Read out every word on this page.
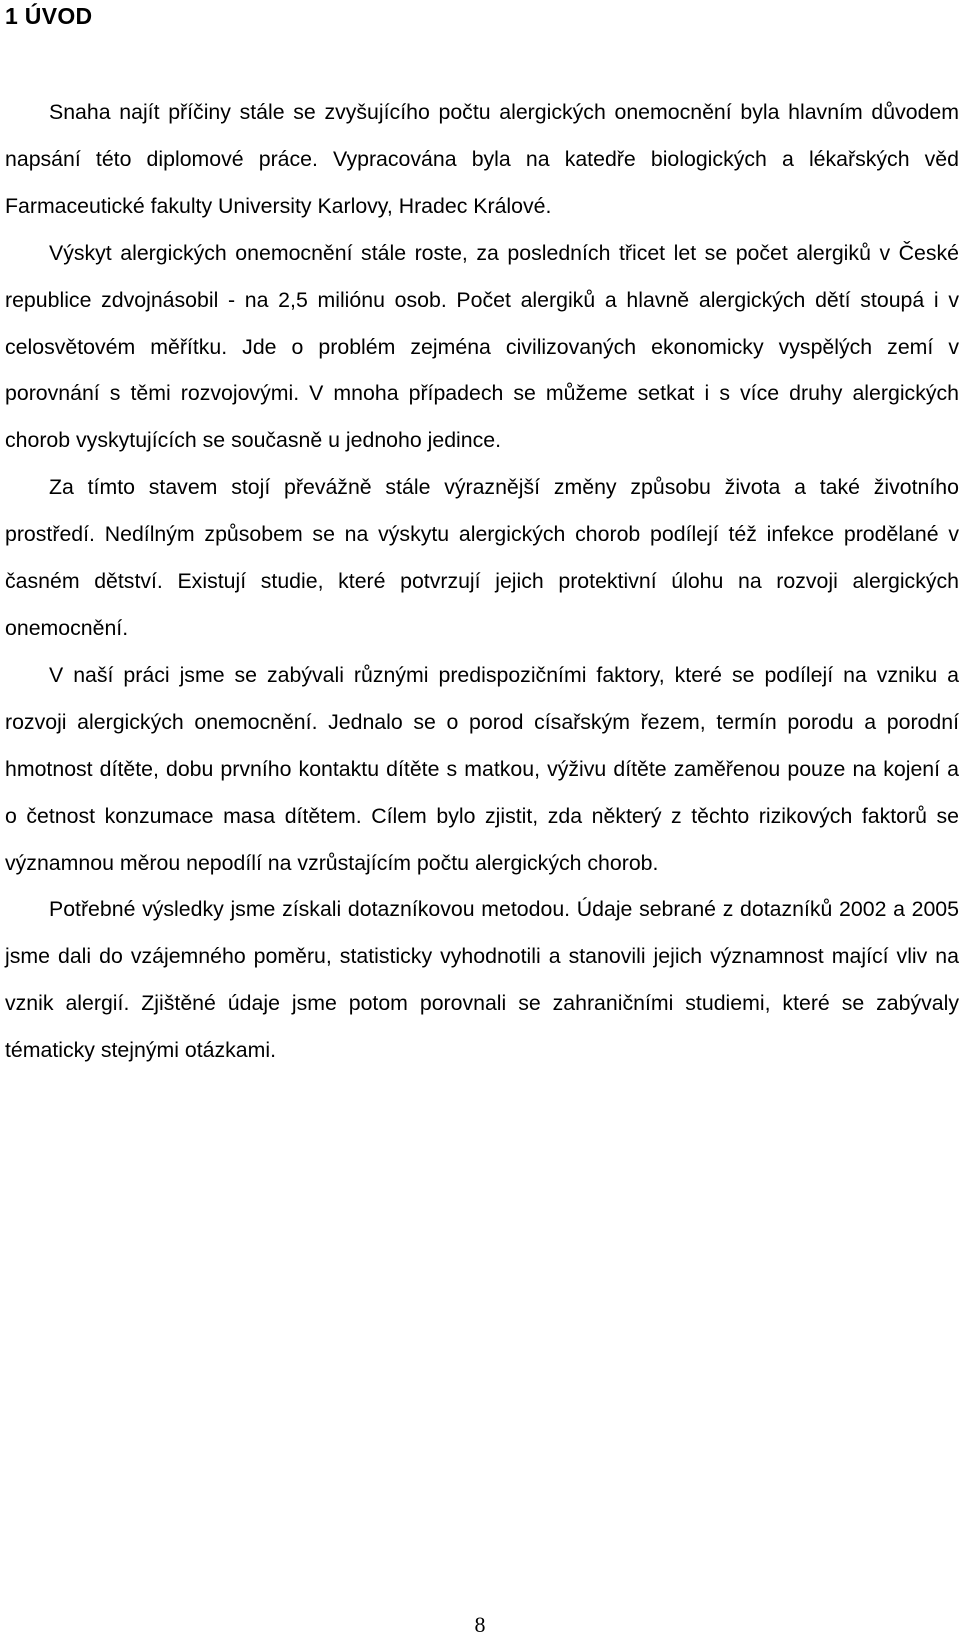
1 ÚVOD

Snaha najít příčiny stále se zvyšujícího počtu alergických onemocnění byla hlavním důvodem napsání této diplomové práce. Vypracována byla na katedře biologických a lékařských věd Farmaceutické fakulty University Karlovy, Hradec Králové.

Výskyt alergických onemocnění stále roste, za posledních třicet let se počet alergiků v České republice zdvojnásobil - na 2,5 miliónu osob. Počet alergiků a hlavně alergických dětí stoupá i v celosvětovém měřítku. Jde o problém zejména civilizovaných ekonomicky vyspělých zemí v porovnání s těmi rozvojovými. V mnoha případech se můžeme setkat i s více druhy alergických chorob vyskytujících se současně u jednoho jedince.

Za tímto stavem stojí převážně stále výraznější změny způsobu života a také životního prostředí. Nedílným způsobem se na výskytu alergických chorob podílejí též infekce prodělané v časném dětství. Existují studie, které potvrzují jejich protektivní úlohu na rozvoji alergických onemocnění.

V naší práci jsme se zabývali různými predispozičními faktory, které se podílejí na vzniku a rozvoji alergických onemocnění. Jednalo se o porod císařským řezem, termín porodu a porodní hmotnost dítěte, dobu prvního kontaktu dítěte s matkou, výživu dítěte zaměřenou pouze na kojení a o četnost konzumace masa dítětem. Cílem bylo zjistit, zda některý z těchto rizikových faktorů se významnou měrou nepodílí na vzrůstajícím počtu alergických chorob.

Potřebné výsledky jsme získali dotazníkovou metodou. Údaje sebrané z dotazníků 2002 a 2005 jsme dali do vzájemného poměru, statisticky vyhodnotili a stanovili jejich významnost mající vliv na vznik alergií. Zjištěné údaje jsme potom porovnali se zahraničními studiemi, které se zabývaly tématicky stejnými otázkami.

8
